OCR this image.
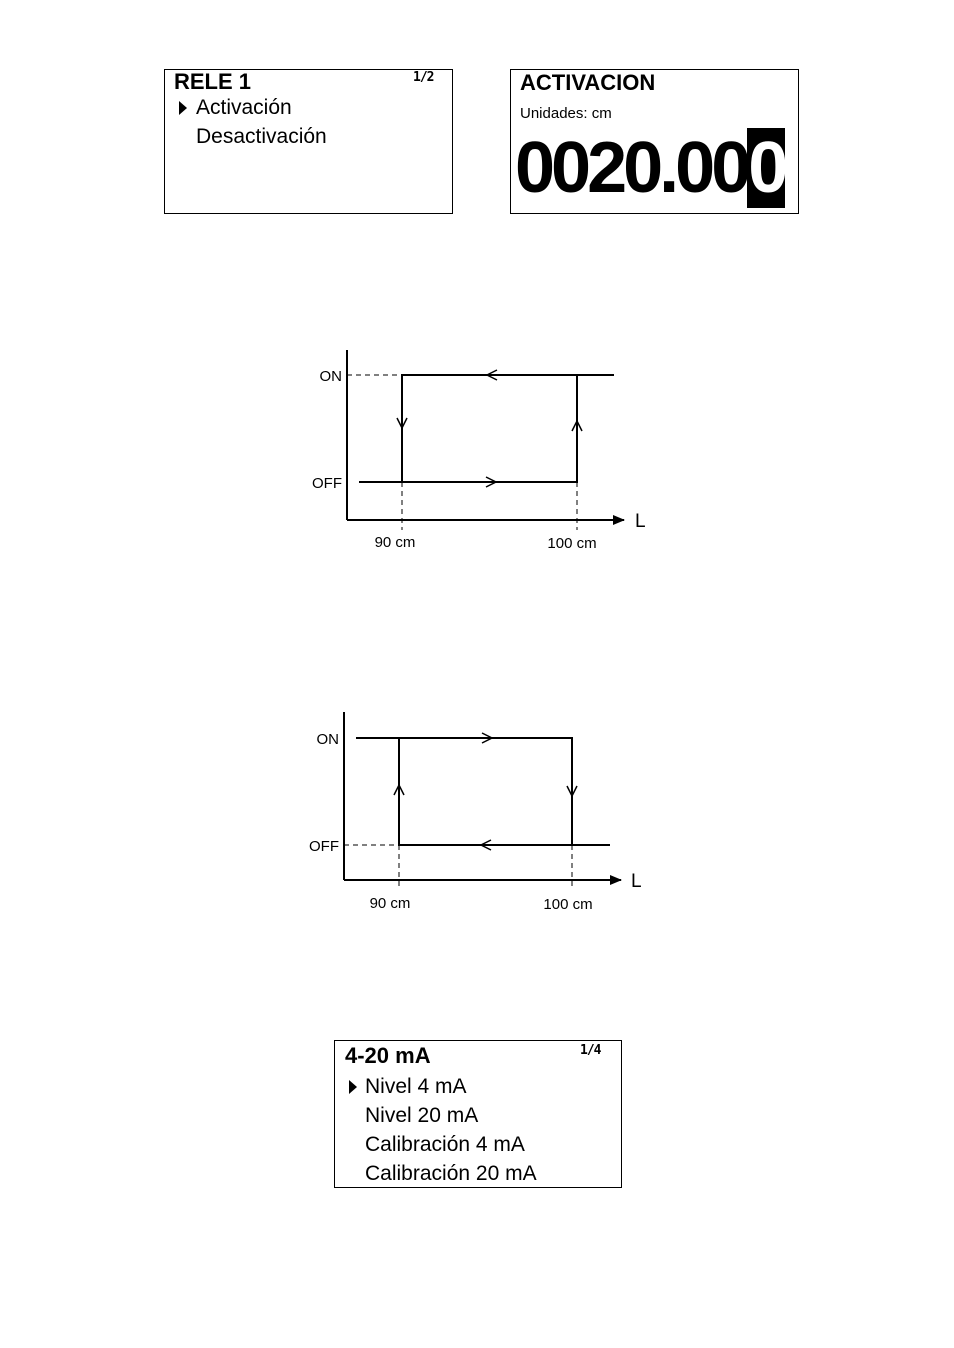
RELE 1	1/2
Activación
Desactivación
ACTIVACION
Unidades: cm
0020.000
ON
OFF
90 cm	100 cm
L
ON
OFF
90 cm	100 cm
L
4-20 mA	1/4
Nivel 4 mA
Nivel 20 mA
Calibración 4 mA
Calibración 20 mA
